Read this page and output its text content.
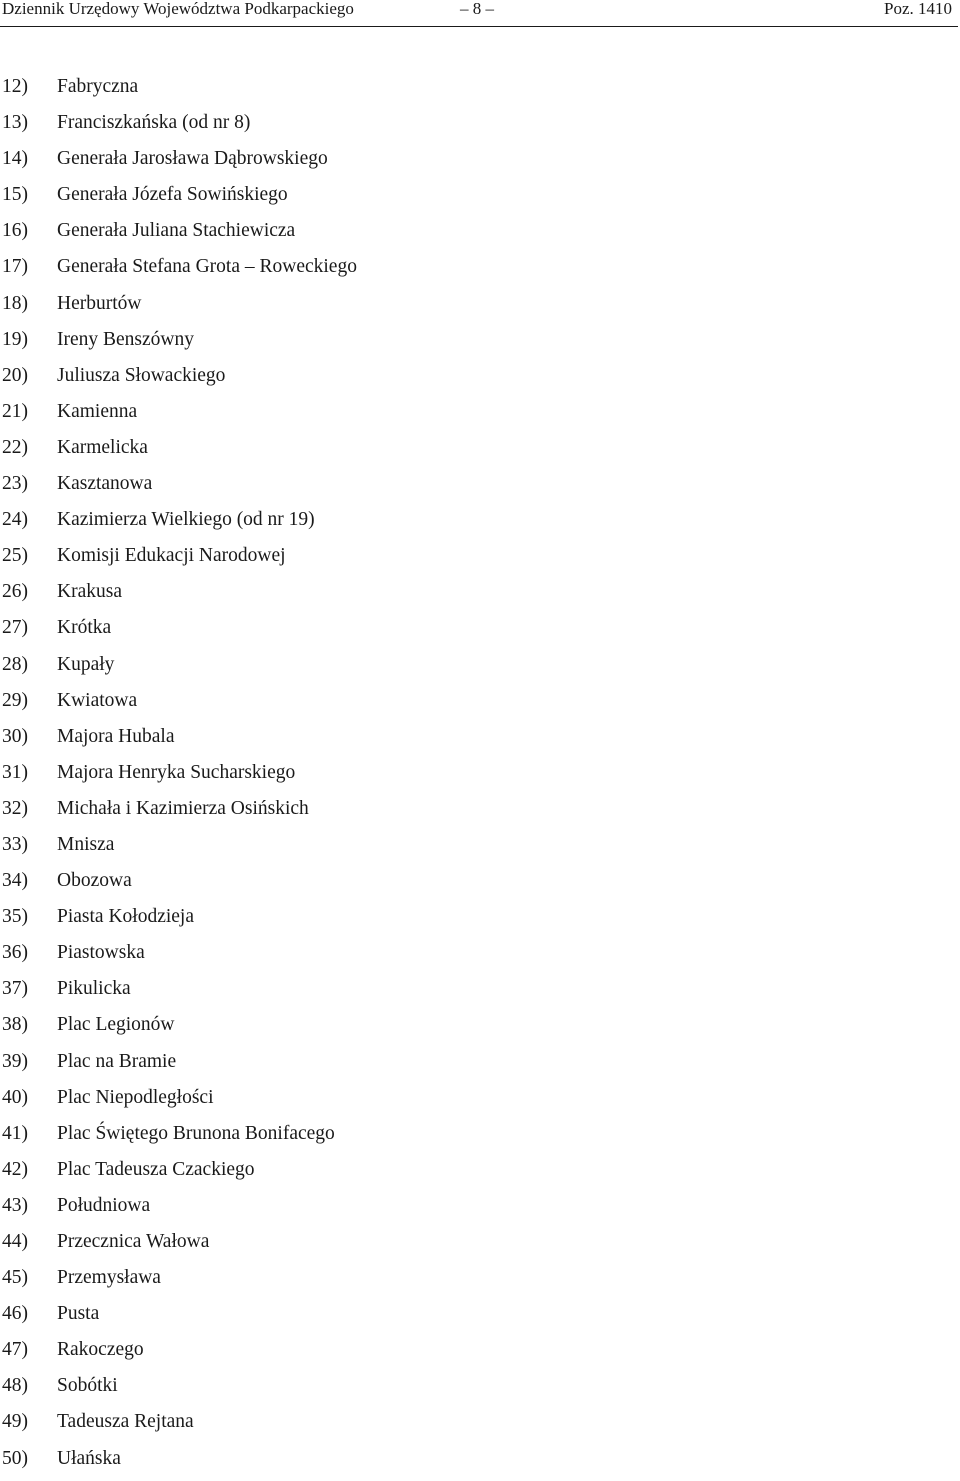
Dziennik Urzędowy Województwa Podkarpackiego	– 8 –	Poz. 1410
12) Fabryczna
13) Franciszkańska (od nr 8)
14) Generała Jarosława Dąbrowskiego
15) Generała Józefa Sowińskiego
16) Generała Juliana Stachiewicza
17) Generała Stefana Grota – Roweckiego
18) Herburtów
19) Ireny Benszówny
20) Juliusza Słowackiego
21) Kamienna
22) Karmelicka
23) Kasztanowa
24) Kazimierza Wielkiego (od nr 19)
25) Komisji Edukacji Narodowej
26) Krakusa
27) Krótka
28) Kupały
29) Kwiatowa
30) Majora Hubala
31) Majora Henryka Sucharskiego
32) Michała i Kazimierza Osińskich
33) Mnisza
34) Obozowa
35) Piasta Kołodzieja
36) Piastowska
37) Pikulicka
38) Plac Legionów
39) Plac na Bramie
40) Plac Niepodległości
41) Plac Świętego Brunona Bonifacego
42) Plac Tadeusza Czackiego
43) Południowa
44) Przecznica Wałowa
45) Przemysława
46) Pusta
47) Rakoczego
48) Sobótki
49) Tadeusza Rejtana
50) Ułańska
